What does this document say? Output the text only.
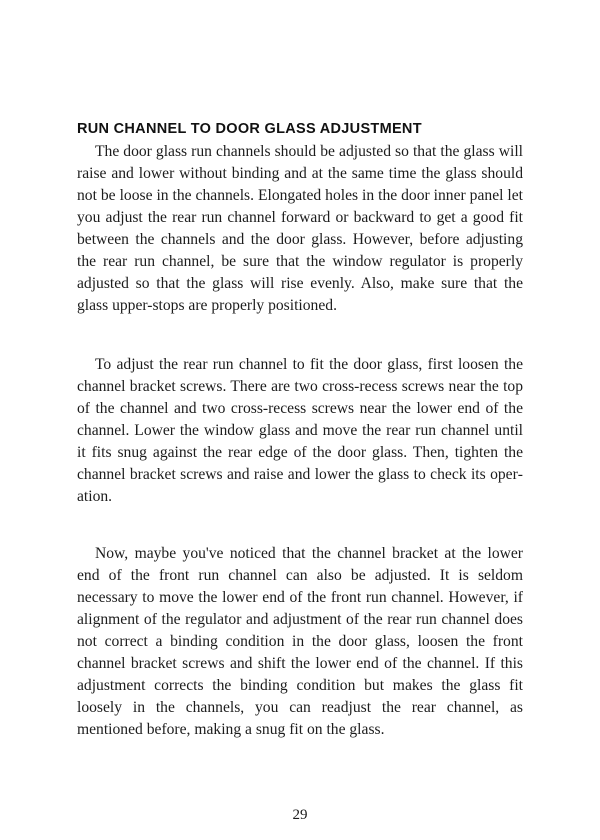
RUN CHANNEL TO DOOR GLASS ADJUSTMENT

The door glass run channels should be adjusted so that the glass will raise and lower without binding and at the same time the glass should not be loose in the channels. Elongated holes in the door inner panel let you adjust the rear run channel forward or backward to get a good fit between the channels and the door glass. However, before adjusting the rear run channel, be sure that the window regulator is properly adjusted so that the glass will rise evenly. Also, make sure that the glass upper-stops are properly positioned.

To adjust the rear run channel to fit the door glass, first loosen the channel bracket screws. There are two cross-recess screws near the top of the channel and two cross-recess screws near the lower end of the channel. Lower the window glass and move the rear run channel until it fits snug against the rear edge of the door glass. Then, tighten the channel bracket screws and raise and lower the glass to check its operation.

Now, maybe you've noticed that the channel bracket at the lower end of the front run channel can also be adjusted. It is seldom necessary to move the lower end of the front run channel. However, if alignment of the regulator and adjustment of the rear run channel does not correct a binding condition in the door glass, loosen the front channel bracket screws and shift the lower end of the channel. If this adjustment corrects the binding condition but makes the glass fit loosely in the channels, you can readjust the rear channel, as mentioned before, making a snug fit on the glass.

29
